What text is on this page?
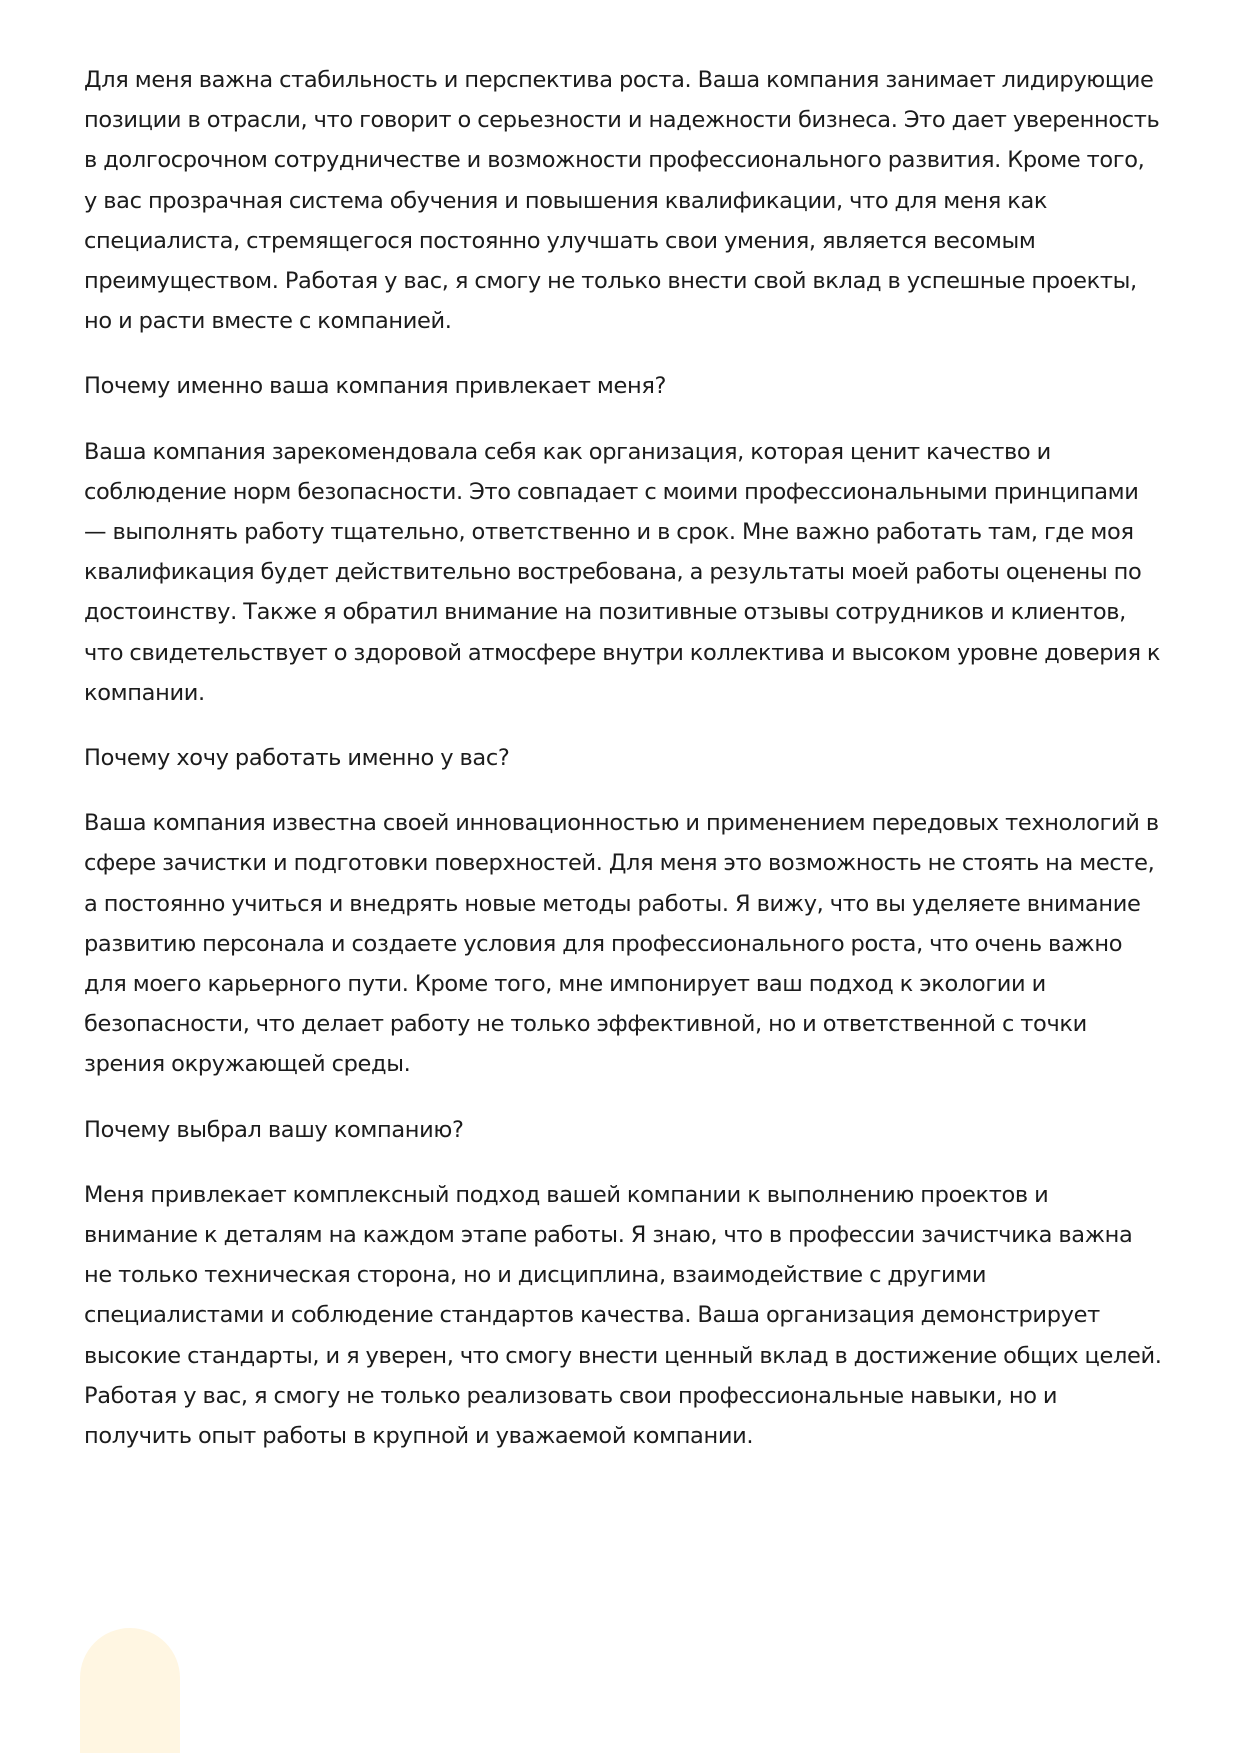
Для меня важна стабильность и перспектива роста. Ваша компания занимает лидирующие позиции в отрасли, что говорит о серьезности и надежности бизнеса. Это дает уверенность в долгосрочном сотрудничестве и возможности профессионального развития. Кроме того, у вас прозрачная система обучения и повышения квалификации, что для меня как специалиста, стремящегося постоянно улучшать свои умения, является весомым преимуществом. Работая у вас, я смогу не только внести свой вклад в успешные проекты, но и расти вместе с компанией.

Почему именно ваша компания привлекает меня?

Ваша компания зарекомендовала себя как организация, которая ценит качество и соблюдение норм безопасности. Это совпадает с моими профессиональными принципами — выполнять работу тщательно, ответственно и в срок. Мне важно работать там, где моя квалификация будет действительно востребована, а результаты моей работы оценены по достоинству. Также я обратил внимание на позитивные отзывы сотрудников и клиентов, что свидетельствует о здоровой атмосфере внутри коллектива и высоком уровне доверия к компании.

Почему хочу работать именно у вас?

Ваша компания известна своей инновационностью и применением передовых технологий в сфере зачистки и подготовки поверхностей. Для меня это возможность не стоять на месте, а постоянно учиться и внедрять новые методы работы. Я вижу, что вы уделяете внимание развитию персонала и создаете условия для профессионального роста, что очень важно для моего карьерного пути. Кроме того, мне импонирует ваш подход к экологии и безопасности, что делает работу не только эффективной, но и ответственной с точки зрения окружающей среды.

Почему выбрал вашу компанию?

Меня привлекает комплексный подход вашей компании к выполнению проектов и внимание к деталям на каждом этапе работы. Я знаю, что в профессии зачистчика важна не только техническая сторона, но и дисциплина, взаимодействие с другими специалистами и соблюдение стандартов качества. Ваша организация демонстрирует высокие стандарты, и я уверен, что смогу внести ценный вклад в достижение общих целей. Работая у вас, я смогу не только реализовать свои профессиональные навыки, но и получить опыт работы в крупной и уважаемой компании.
